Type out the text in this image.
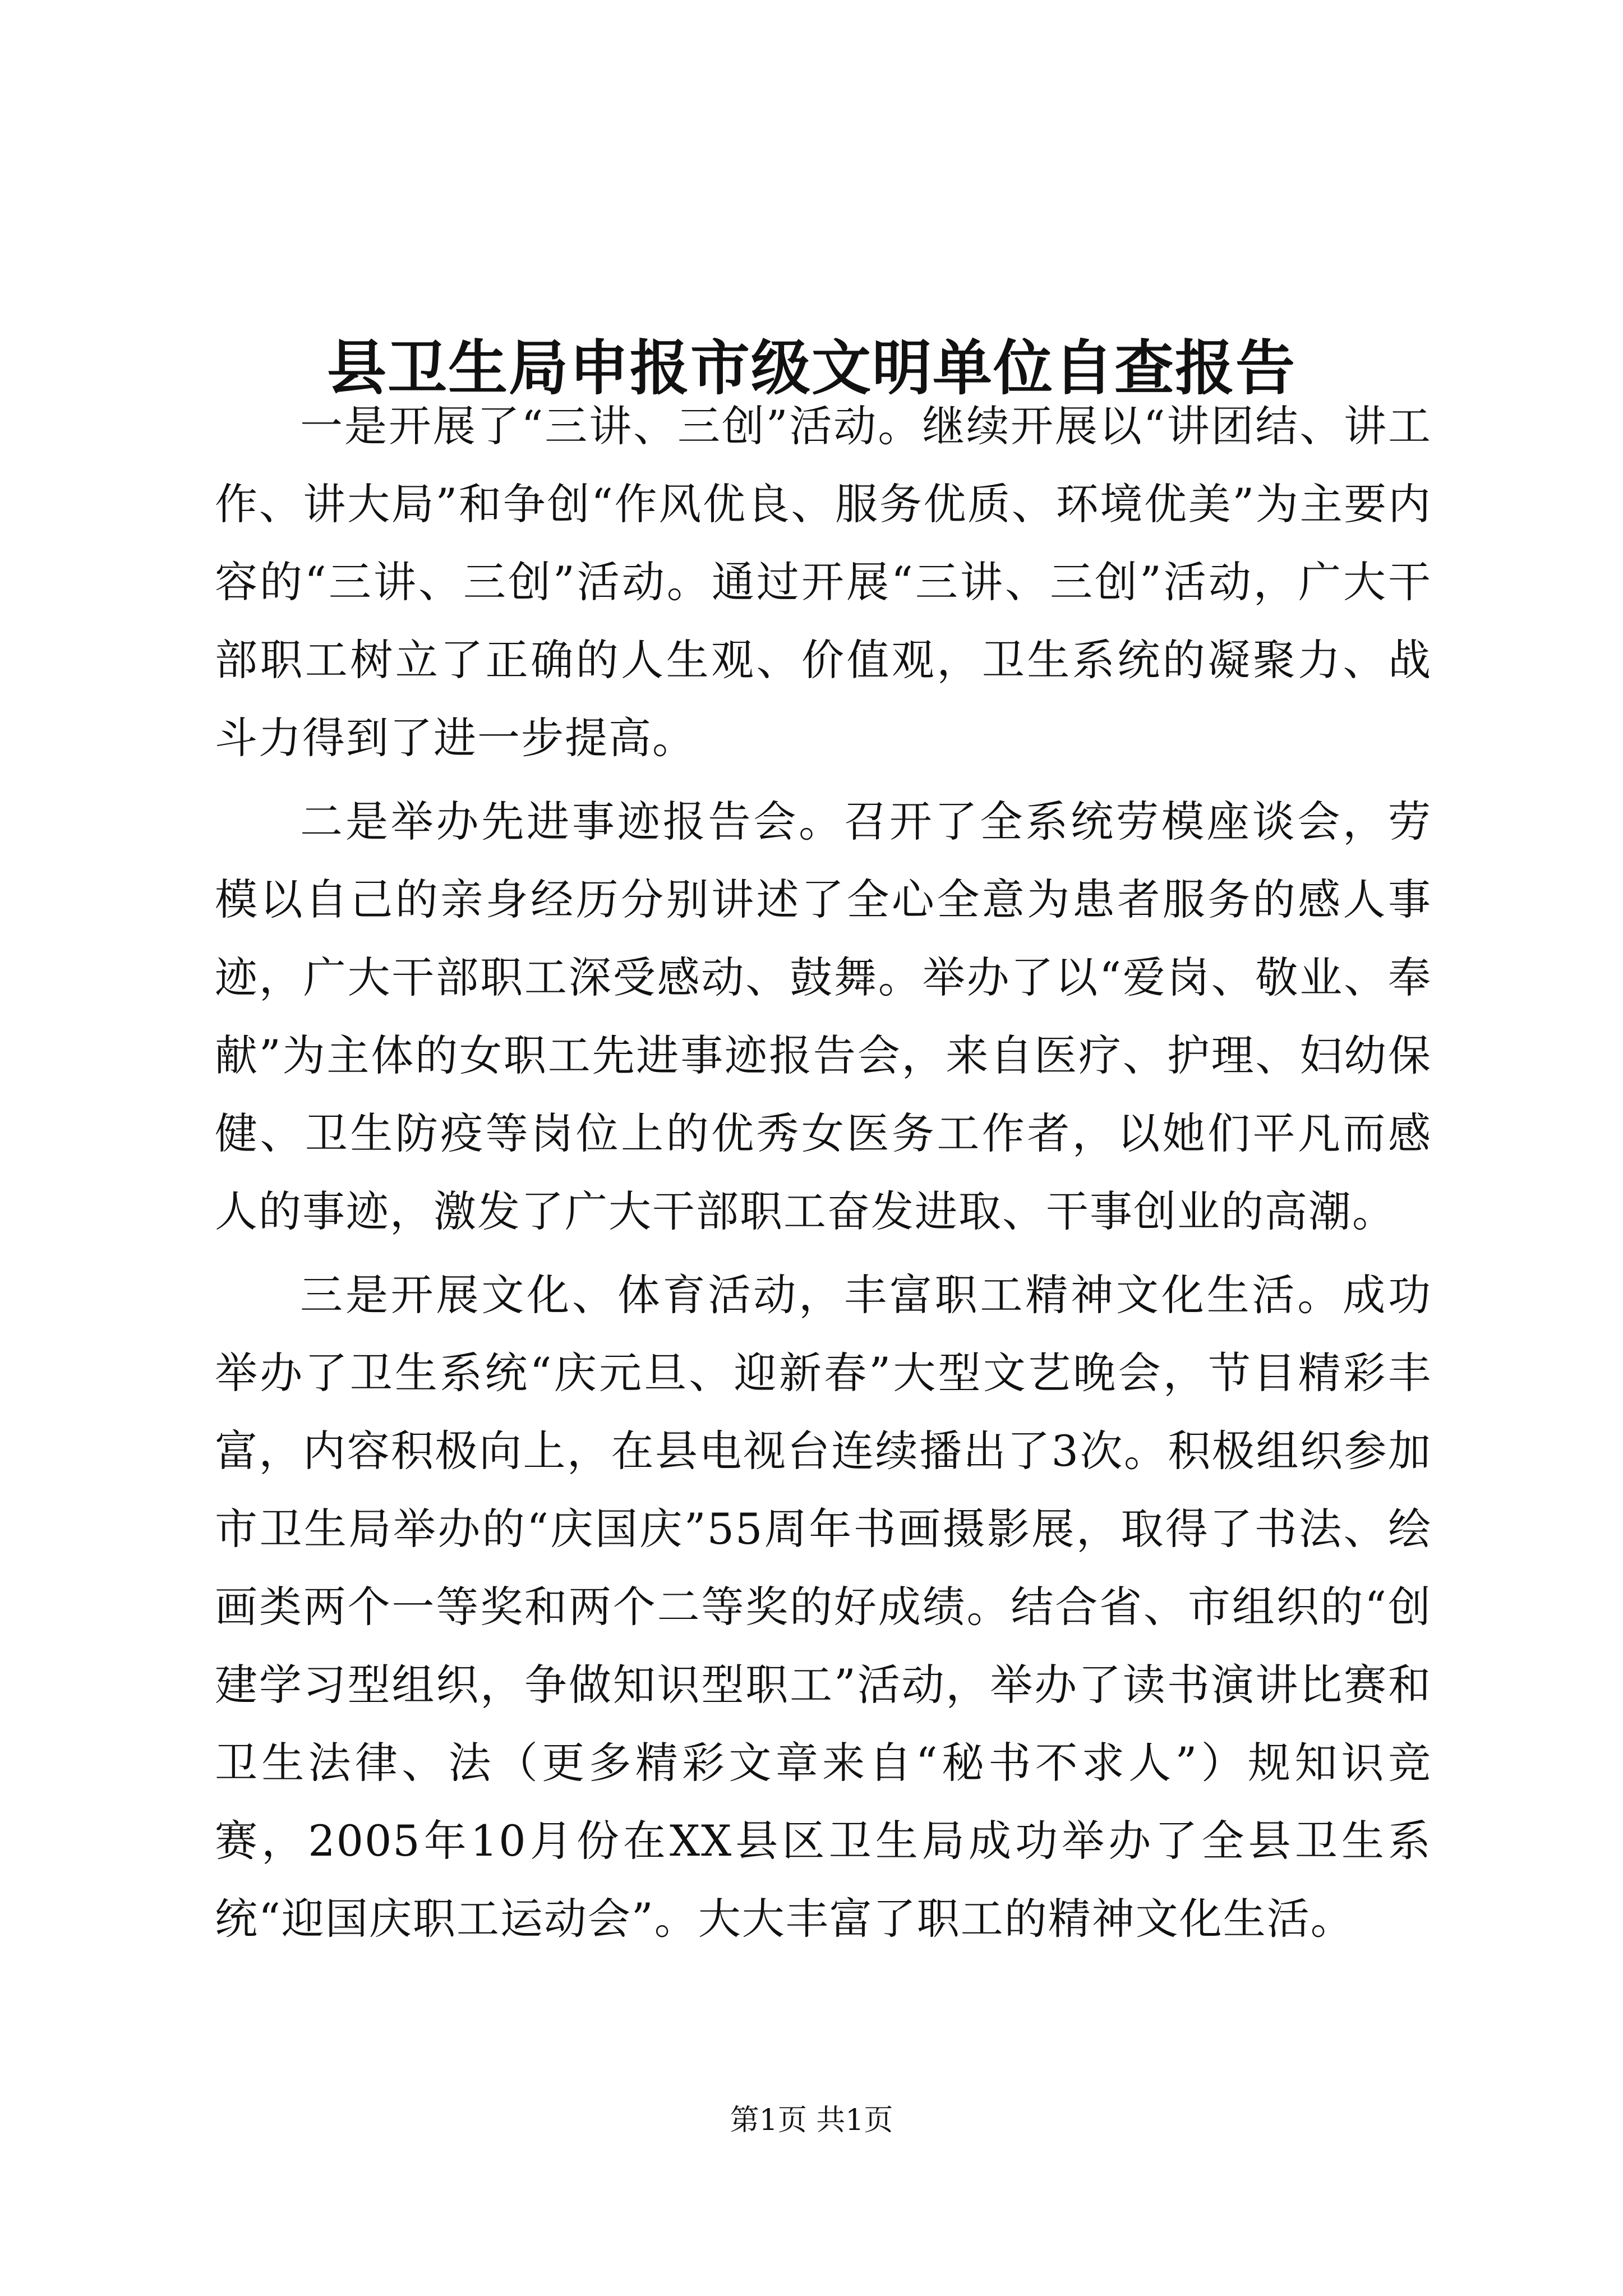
县卫生局申报市级文明单位自查报告

一是开展了“三讲、三创”活动。继续开展以“讲团结、讲工作、讲大局”和争创“作风优良、服务优质、环境优美”为主要内容的“三讲、三创”活动。通过开展“三讲、三创”活动，广大干部职工树立了正确的人生观、价值观，卫生系统的凝聚力、战斗力得到了进一步提高。

二是举办先进事迹报告会。召开了全系统劳模座谈会，劳模以自己的亲身经历分别讲述了全心全意为患者服务的感人事迹，广大干部职工深受感动、鼓舞。举办了以“爱岗、敬业、奉献”为主体的女职工先进事迹报告会，来自医疗、护理、妇幼保健、卫生防疫等岗位上的优秀女医务工作者，以她们平凡而感人的事迹，激发了广大干部职工奋发进取、干事创业的高潮。

三是开展文化、体育活动，丰富职工精神文化生活。成功举办了卫生系统“庆元旦、迎新春”大型文艺晚会，节目精彩丰富，内容积极向上，在县电视台连续播出了3次。积极组织参加市卫生局举办的“庆国庆”55周年书画摄影展，取得了书法、绘画类两个一等奖和两个二等奖的好成绩。结合省、市组织的“创建学习型组织，争做知识型职工”活动，举办了读书演讲比赛和卫生法律、法（更多精彩文章来自“秘书不求人”）规知识竞赛，2005年10月份在XX县区卫生局成功举办了全县卫生系统“迎国庆职工运动会”。大大丰富了职工的精神文化生活。

第1页 共1页
